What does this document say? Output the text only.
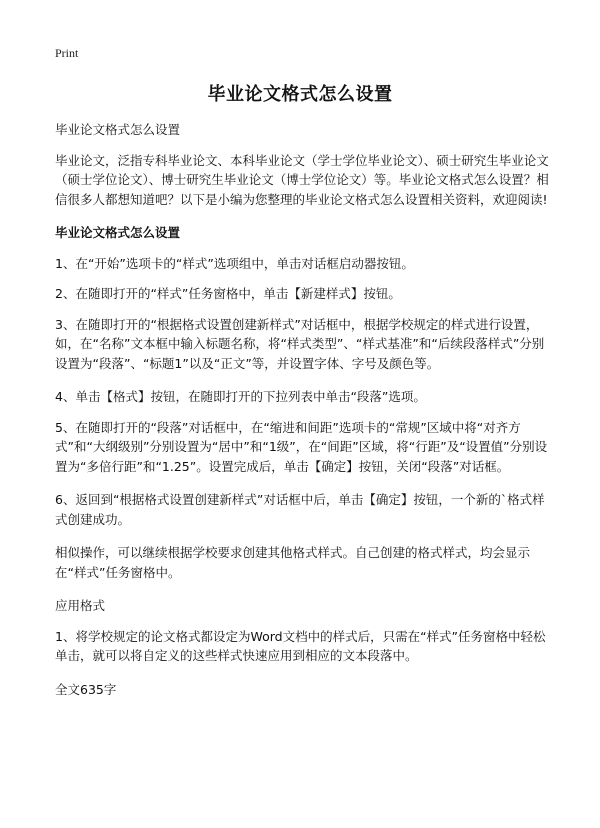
Print
毕业论文格式怎么设置

毕业论文格式怎么设置

毕业论文，泛指专科毕业论文、本科毕业论文（学士学位毕业论文）、硕士研究生毕业论文（硕士学位论文）、博士研究生毕业论文（博士学位论文）等。毕业论文格式怎么设置？相信很多人都想知道吧？以下是小编为您整理的毕业论文格式怎么设置相关资料，欢迎阅读!

毕业论文格式怎么设置

1、在“开始”选项卡的“样式”选项组中，单击对话框启动器按钮。

2、在随即打开的“样式”任务窗格中，单击【新建样式】按钮。

3、在随即打开的“根据格式设置创建新样式”对话框中，根据学校规定的样式进行设置，如，在“名称”文本框中输入标题名称，将“样式类型”、“样式基准”和“后续段落样式”分别设置为“段落”、“标题1”以及“正文”等，并设置字体、字号及颜色等。

4、单击【格式】按钮，在随即打开的下拉列表中单击“段落”选项。

5、在随即打开的“段落”对话框中，在“缩进和间距”选项卡的“常规”区域中将“对齐方式”和“大纲级别”分别设置为“居中”和“1级”，在“间距”区域，将“行距”及“设置值”分别设置为“多倍行距”和“1.25”。设置完成后，单击【确定】按钮，关闭“段落”对话框。

6、返回到“根据格式设置创建新样式”对话框中后，单击【确定】按钮，一个新的`格式样式创建成功。

相似操作，可以继续根据学校要求创建其他格式样式。自己创建的格式样式，均会显示在“样式”任务窗格中。

应用格式

1、将学校规定的论文格式都设定为Word文档中的样式后，只需在“样式”任务窗格中轻松单击，就可以将自定义的这些样式快速应用到相应的文本段落中。

全文635字
